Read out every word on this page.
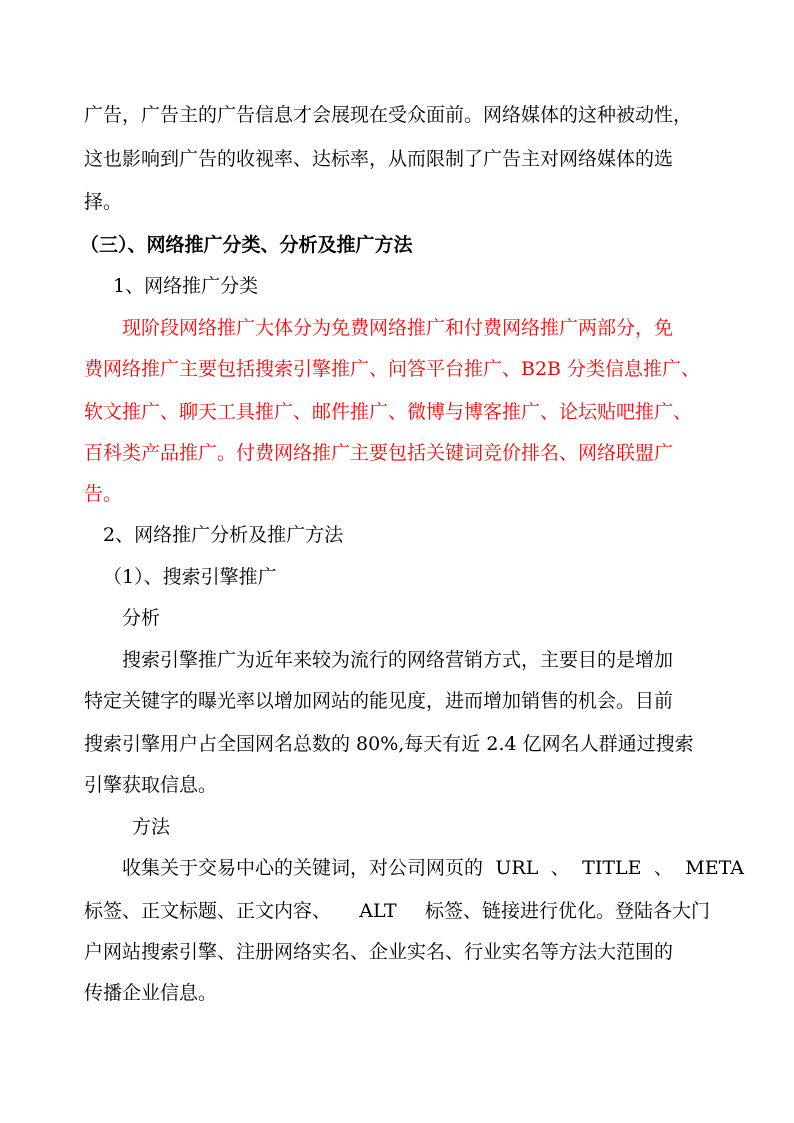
广告，广告主的广告信息才会展现在受众面前。网络媒体的这种被动性，
这也影响到广告的收视率、达标率，从而限制了广告主对网络媒体的选
择。
（三）、网络推广分类、分析及推广方法
1、网络推广分类
现阶段网络推广大体分为免费网络推广和付费网络推广两部分，免
费网络推广主要包括搜索引擎推广、问答平台推广、B2B 分类信息推广、
软文推广、聊天工具推广、邮件推广、微博与博客推广、论坛贴吧推广、
百科类产品推广。付费网络推广主要包括关键词竞价排名、网络联盟广
告。
2、网络推广分析及推广方法
（1）、搜索引擎推广
分析
搜索引擎推广为近年来较为流行的网络营销方式，主要目的是增加
特定关键字的曝光率以增加网站的能见度，进而增加销售的机会。目前
搜索引擎用户占全国网名总数的 80%,每天有近 2.4 亿网名人群通过搜索
引擎获取信息。
方法
收集关于交易中心的关键词，对公司网页的 URL 、 TITLE 、 META
标签、正文标题、正文内容、 ALT 标签、链接进行优化。登陆各大门
户网站搜索引擎、注册网络实名、企业实名、行业实名等方法大范围的
传播企业信息。
